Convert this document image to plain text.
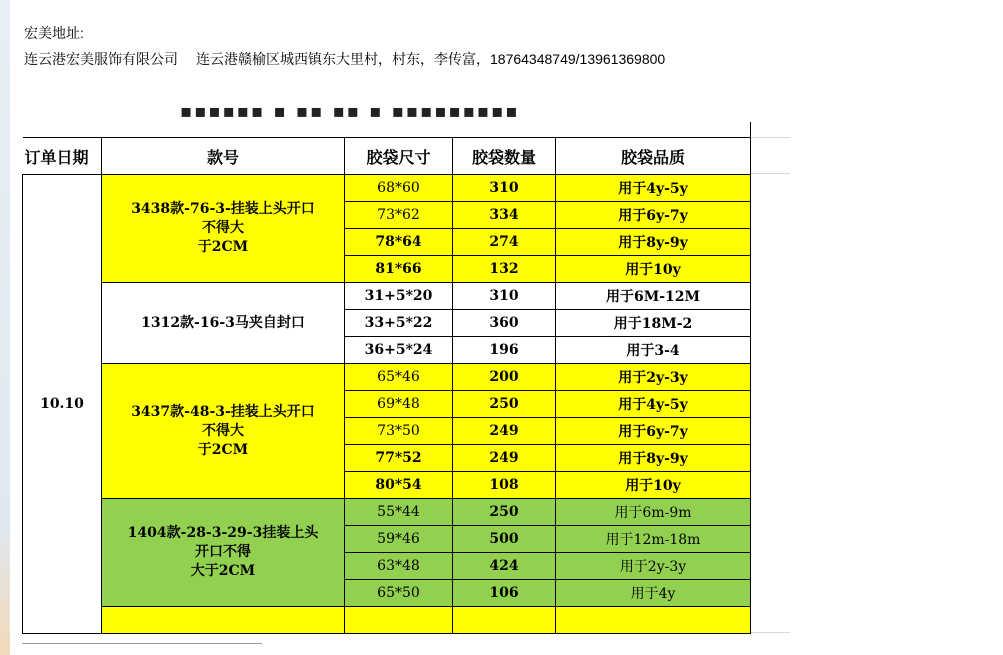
宏美地址:
连云港宏美服饰有限公司 连云港赣榆区城西镇东大里村，村东，李传富，18764348749/13961369800
▪▪▪▪▪▪ ▪ ▪▪ ▪▪ ▪ ▪▪▪▪▪▪▪▪▪
订单日期	款号	胶袋尺寸	胶袋数量	胶袋品质
10.10	3438款-76-3-挂装上头开口
不得大
于2CM	68*60	310	用于4y-5y
		73*62	334	用于6y-7y
		78*64	274	用于8y-9y
		81*66	132	用于10y

	1312款-16-3马夹自封口	31+5*20	310	用于6M-12M
		33+5*22	360	用于18M-2
		36+5*24	196	用于3-4

	3437款-48-3-挂装上头开口
不得大
于2CM	65*46	200	用于2y-3y
		69*48	250	用于4y-5y
		73*50	249	用于6y-7y
		77*52	249	用于8y-9y
		80*54	108	用于10y

	1404款-28-3-29-3挂装上头
开口不得
大于2CM	55*44	250	用于6m-9m
		59*46	500	用于12m-18m
		63*48	424	用于2y-3y
		65*50	106	用于4y
